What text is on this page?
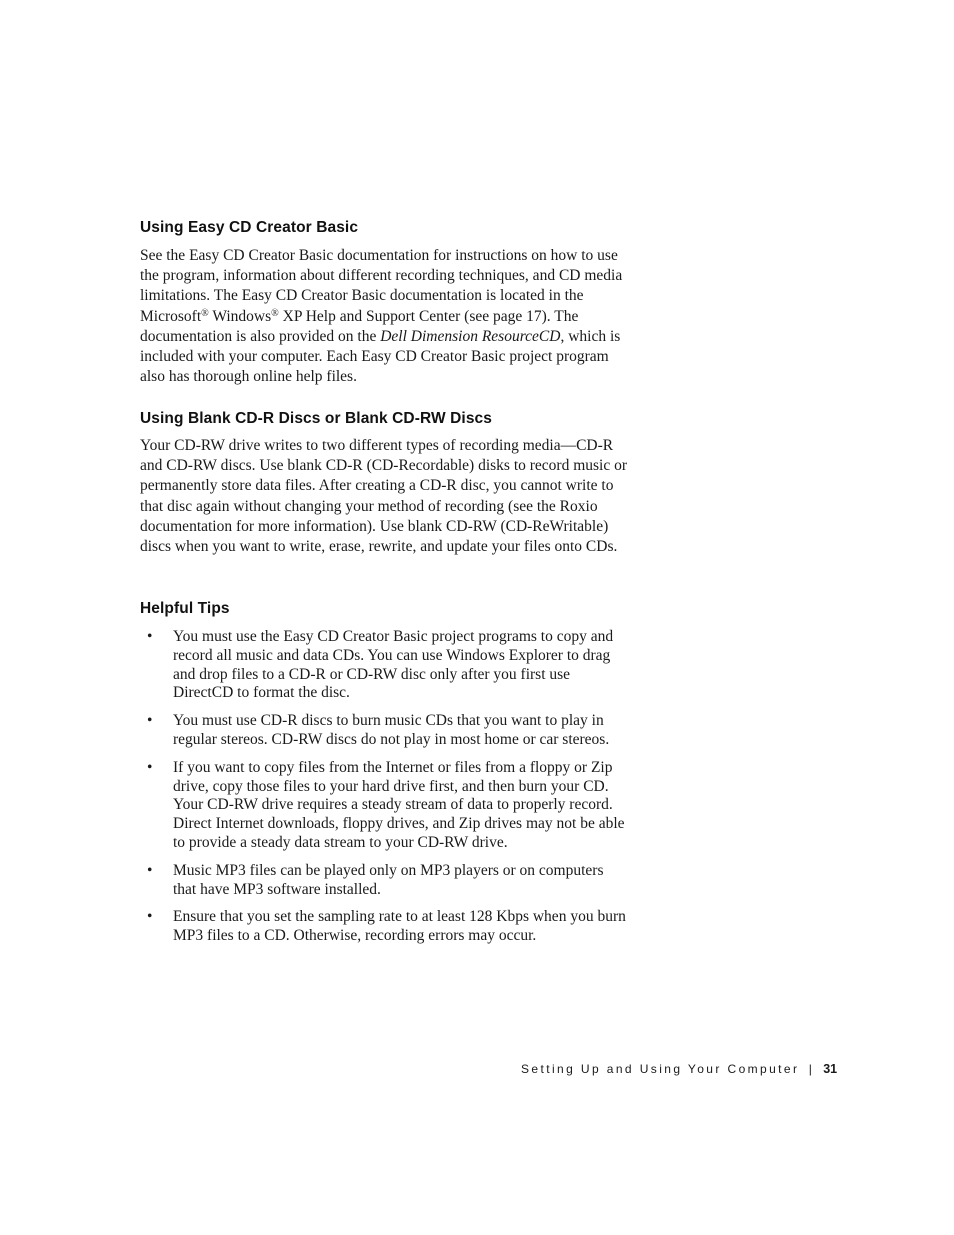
Using Easy CD Creator Basic

See the Easy CD Creator Basic documentation for instructions on how to use the program, information about different recording techniques, and CD media limitations. The Easy CD Creator Basic documentation is located in the Microsoft® Windows® XP Help and Support Center (see page 17). The documentation is also provided on the Dell Dimension ResourceCD, which is included with your computer. Each Easy CD Creator Basic project program also has thorough online help files.

Using Blank CD-R Discs or Blank CD-RW Discs

Your CD-RW drive writes to two different types of recording media—CD-R and CD-RW discs. Use blank CD-R (CD-Recordable) disks to record music or permanently store data files. After creating a CD-R disc, you cannot write to that disc again without changing your method of recording (see the Roxio documentation for more information). Use blank CD-RW (CD-ReWritable) discs when you want to write, erase, rewrite, and update your files onto CDs.

Helpful Tips
• You must use the Easy CD Creator Basic project programs to copy and record all music and data CDs. You can use Windows Explorer to drag and drop files to a CD-R or CD-RW disc only after you first use DirectCD to format the disc.
• You must use CD-R discs to burn music CDs that you want to play in regular stereos. CD-RW discs do not play in most home or car stereos.
• If you want to copy files from the Internet or files from a floppy or Zip drive, copy those files to your hard drive first, and then burn your CD. Your CD-RW drive requires a steady stream of data to properly record. Direct Internet downloads, floppy drives, and Zip drives may not be able to provide a steady data stream to your CD-RW drive.
• Music MP3 files can be played only on MP3 players or on computers that have MP3 software installed.
• Ensure that you set the sampling rate to at least 128 Kbps when you burn MP3 files to a CD. Otherwise, recording errors may occur.
Setting Up and Using Your Computer | 31
